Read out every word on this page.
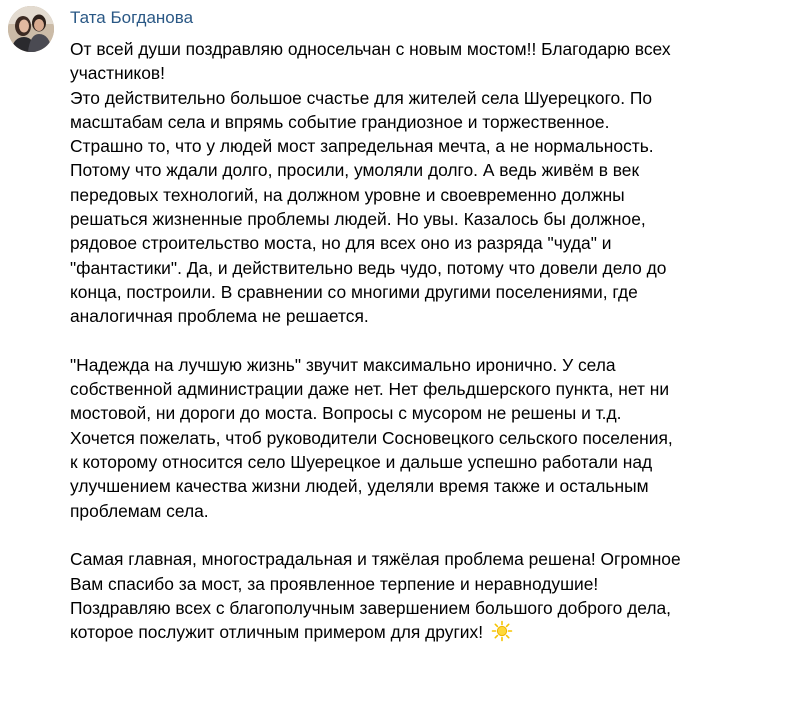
Тата Богданова

От всей души поздравляю односельчан с новым мостом!! Благодарю всех
участников!
Это действительно большое счастье для жителей села Шуерецкого. По
масштабам села и впрямь событие грандиозное и торжественное.
Страшно то, что у людей мост запредельная мечта, а не нормальность.
Потому что ждали долго, просили, умоляли долго. А ведь живём в век
передовых технологий, на должном уровне и своевременно должны
решаться жизненные проблемы людей. Но увы. Казалось бы должное,
рядовое строительство моста, но для всех оно из разряда "чуда" и
"фантастики". Да, и действительно ведь чудо, потому что довели дело до
конца, построили. В сравнении со многими другими поселениями, где
аналогичная проблема не решается.

"Надежда на лучшую жизнь" звучит максимально иронично. У села
собственной администрации даже нет. Нет фельдшерского пункта, нет ни
мостовой, ни дороги до моста. Вопросы с мусором не решены и т.д.
Хочется пожелать, чтоб руководители Сосновецкого сельского поселения,
к которому относится село Шуерецкое и дальше успешно работали над
улучшением качества жизни людей, уделяли время также и остальным
проблемам села.

Самая главная, многострадальная и тяжёлая проблема решена! Огромное
Вам спасибо за мост, за проявленное терпение и неравнодушие!
Поздравляю всех с благополучным завершением большого доброго дела,
которое послужит отличным примером для других!
